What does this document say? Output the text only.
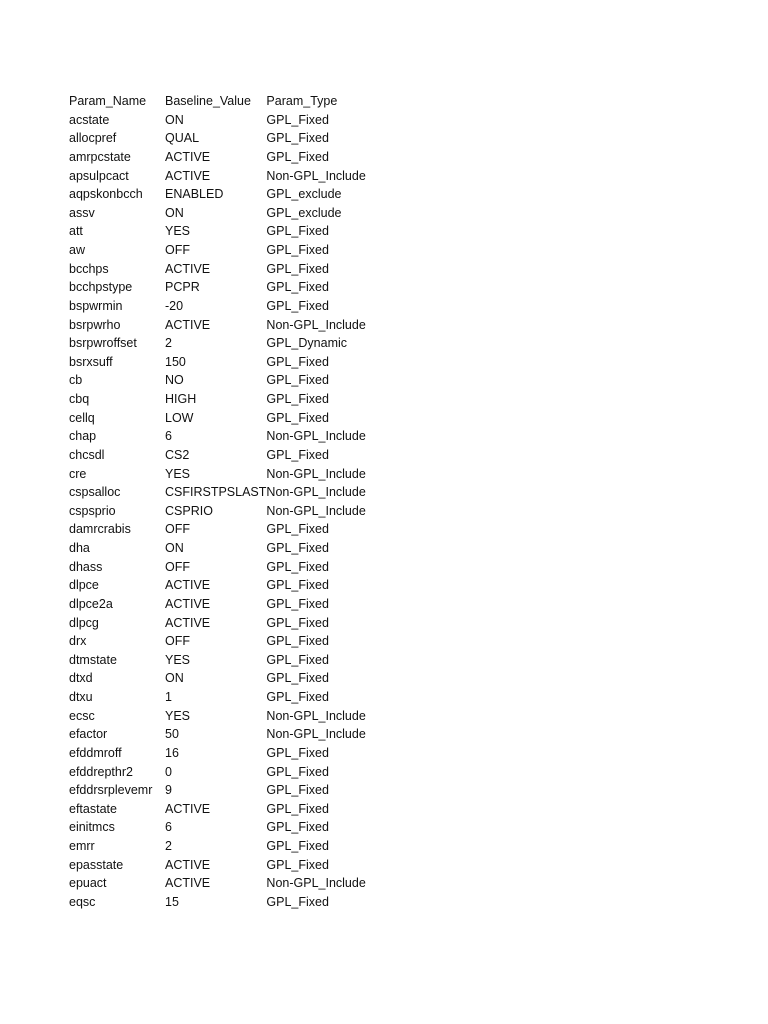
Param_Name	Baseline_Value	Param_Type
acstate	ON	GPL_Fixed
allocpref	QUAL	GPL_Fixed
amrpcstate	ACTIVE	GPL_Fixed
apsulpcact	ACTIVE	Non-GPL_Include
aqpskonbcch	ENABLED	GPL_exclude
assv	ON	GPL_exclude
att	YES	GPL_Fixed
aw	OFF	GPL_Fixed
bcchps	ACTIVE	GPL_Fixed
bcchpstype	PCPR	GPL_Fixed
bspwrmin	-20	GPL_Fixed
bsrpwrho	ACTIVE	Non-GPL_Include
bsrpwroffset	2	GPL_Dynamic
bsrxsuff	150	GPL_Fixed
cb	NO	GPL_Fixed
cbq	HIGH	GPL_Fixed
cellq	LOW	GPL_Fixed
chap	6	Non-GPL_Include
chcsdl	CS2	GPL_Fixed
cre	YES	Non-GPL_Include
cspsalloc	CSFIRSTPSLAST	Non-GPL_Include
cspsprio	CSPRIO	Non-GPL_Include
damrcrabis	OFF	GPL_Fixed
dha	ON	GPL_Fixed
dhass	OFF	GPL_Fixed
dlpce	ACTIVE	GPL_Fixed
dlpce2a	ACTIVE	GPL_Fixed
dlpcg	ACTIVE	GPL_Fixed
drx	OFF	GPL_Fixed
dtmstate	YES	GPL_Fixed
dtxd	ON	GPL_Fixed
dtxu	1	GPL_Fixed
ecsc	YES	Non-GPL_Include
efactor	50	Non-GPL_Include
efddmroff	16	GPL_Fixed
efddrepthr2	0	GPL_Fixed
efddrsrplevemr	9	GPL_Fixed
eftastate	ACTIVE	GPL_Fixed
einitmcs	6	GPL_Fixed
emrr	2	GPL_Fixed
epasstate	ACTIVE	GPL_Fixed
epuact	ACTIVE	Non-GPL_Include
eqsc	15	GPL_Fixed
